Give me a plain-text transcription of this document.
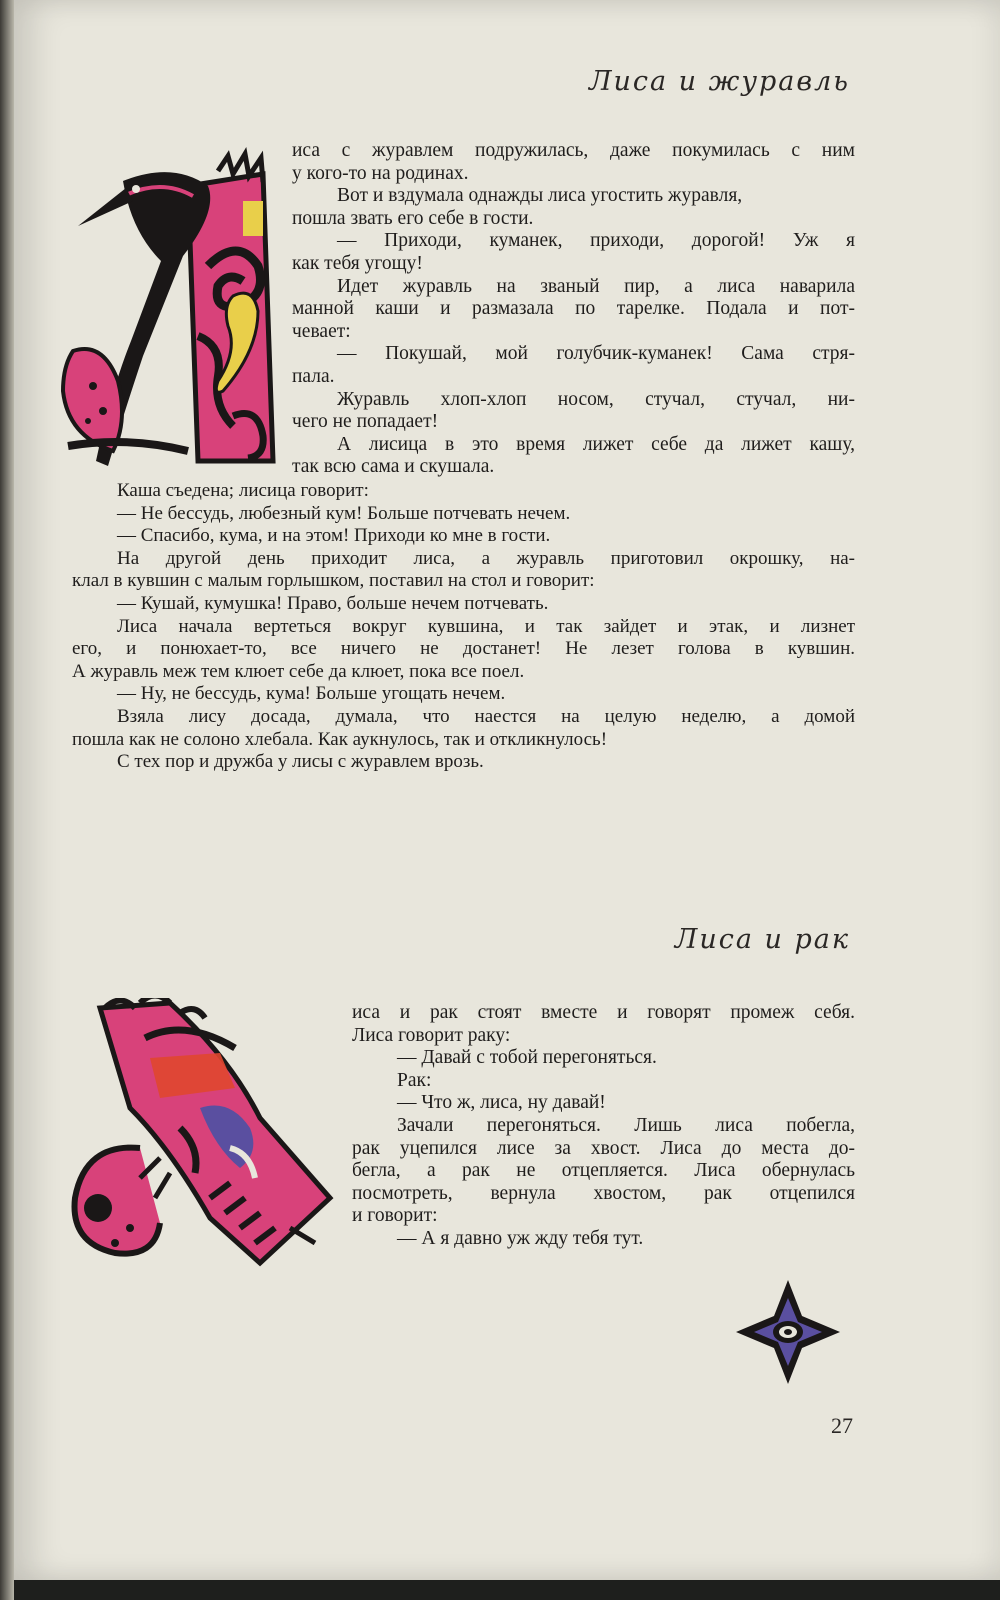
Лиса и журавль
иса с журавлем подружилась, даже покумилась с ним
у кого-то на родинах.
Вот и вздумала однажды лиса угостить журавля,
пошла звать его себе в гости.
— Приходи, куманек, приходи, дорогой! Уж я
как тебя угощу!
Идет журавль на званый пир, а лиса наварила
манной каши и размазала по тарелке. Подала и пот-
чевает:
— Покушай, мой голубчик-куманек! Сама стря-
пала.
Журавль хлоп-хлоп носом, стучал, стучал, ни-
чего не попадает!
А лисица в это время лижет себе да лижет кашу,
так всю сама и скушала.
Каша съедена; лисица говорит:
— Не бессудь, любезный кум! Больше потчевать нечем.
— Спасибо, кума, и на этом! Приходи ко мне в гости.
На другой день приходит лиса, а журавль приготовил окрошку, на-
клал в кувшин с малым горлышком, поставил на стол и говорит:
— Кушай, кумушка! Право, больше нечем потчевать.
Лиса начала вертеться вокруг кувшина, и так зайдет и этак, и лизнет
его, и понюхает-то, все ничего не достанет! Не лезет голова в кувшин.
А журавль меж тем клюет себе да клюет, пока все поел.
— Ну, не бессудь, кума! Больше угощать нечем.
Взяла лису досада, думала, что наестся на целую неделю, а домой
пошла как не солоно хлебала. Как аукнулось, так и откликнулось!
С тех пор и дружба у лисы с журавлем врозь.
Лиса и рак
иса и рак стоят вместе и говорят промеж себя.
Лиса говорит раку:
— Давай с тобой перегоняться.
Рак:
— Что ж, лиса, ну давай!
Зачали перегоняться. Лишь лиса побегла,
рак уцепился лисе за хвост. Лиса до места до-
бегла, а рак не отцепляется. Лиса обернулась
посмотреть, вернула хвостом, рак отцепился
и говорит:
— А я давно уж жду тебя тут.
27
